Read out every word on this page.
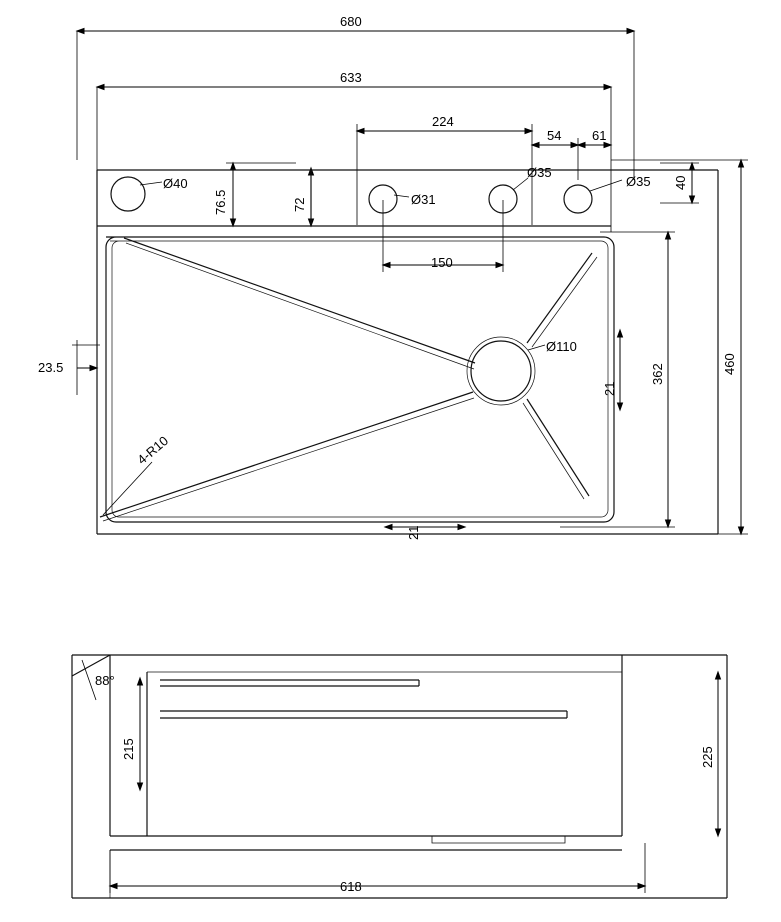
680
633
224
54 61
150
76.5	72
40
460
362
21
21
23.5
Ø40
Ø31
Ø35
Ø35
Ø110
4-R10
215	225
618
88°
